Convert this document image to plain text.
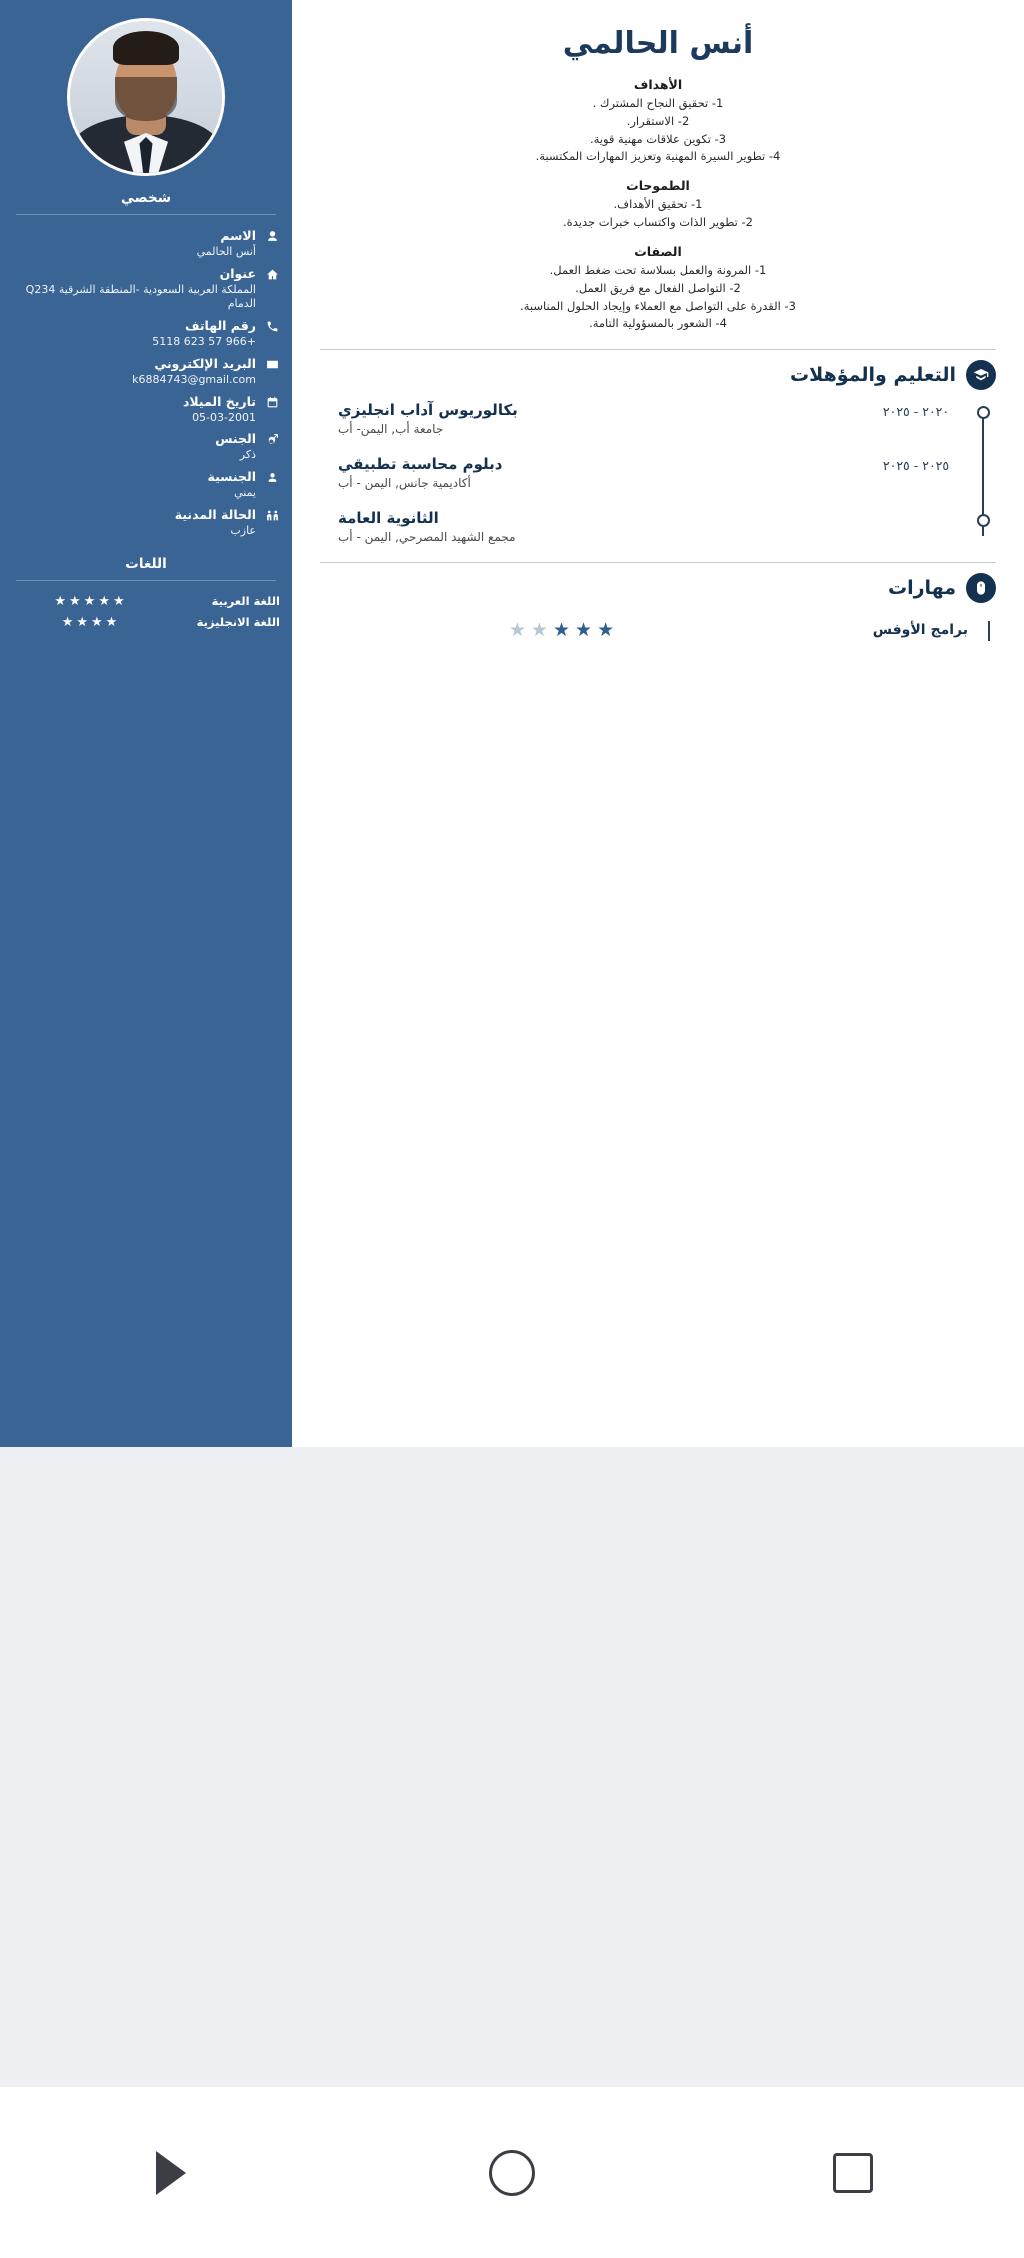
أنس الحالمي
الأهداف
1- تحقيق النجاح المشترك .
2- الاستقرار.
3- تكوين علاقات مهنية قوية.
4- تطوير السيرة المهنية وتعزيز المهارات المكتسبة.
الطموحات
1- تحقيق الأهداف.
2- تطوير الذات واكتساب خبرات جديدة.
الصفات
1- المرونة والعمل بسلاسة تحت ضغط العمل.
2- التواصل الفعال مع فريق العمل.
3- القدرة على التواصل مع العملاء وإيجاد الحلول المناسبة.
4- الشعور بالمسؤولية التامة.
التعليم والمؤهلات
٢٠٢٠ - ٢٠٢٥
بكالوريوس آداب انجليزي
جامعة أب, اليمن- أب
٢٠٢٥ - ٢٠٢٥
دبلوم محاسبة تطبيقي
أكاديمية جانس, اليمن - أب
الثانوية العامة
مجمع الشهيد المصرحي, اليمن - أب
مهارات
برامج الأوفس
★★★★★
شخصي
الاسم
أنس الحالمي
عنوان
المملكة العربية السعودية -المنطقة الشرقية Q234 الدمام
رقم الهاتف
+966 57 623 5118
البريد الإلكتروني
k6884743@gmail.com
تاريخ الميلاد
05-03-2001
الجنس
ذكر
الجنسية
يمني
الحالة المدنية
عازب
اللغات
اللغة العربية
★★★★★
اللغة الانجليزية
★★★★
